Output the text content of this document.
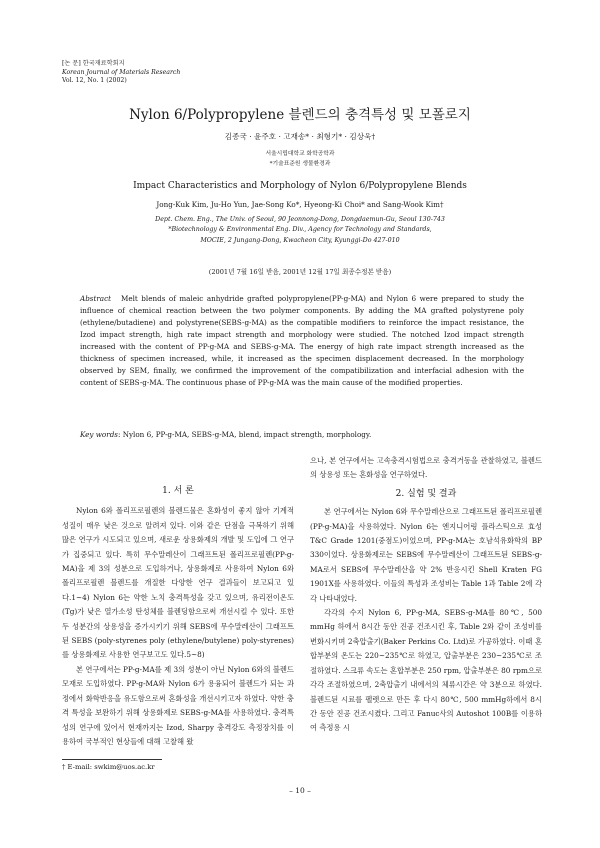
[논 문] 한국재료학회지
Korean Journal of Materials Research
Vol. 12, No. 1 (2002)
Nylon 6/Polypropylene 블렌드의 충격특성 및 모폴로지
김종국 · 윤주호 · 고재송* · 최형기* · 김상욱†
서울시립대학교 화학공학과
*기술표준원 생물환경과
Impact Characteristics and Morphology of Nylon 6/Polypropylene Blends
Jong-Kuk Kim, Ju-Ho Yun, Jae-Song Ko*, Hyeong-Ki Choi* and Sang-Wook Kim†
Dept. Chem. Eng., The Univ. of Seoul, 90 Jeonnong-Dong, Dongdaemun-Gu, Seoul 130-743
*Biotechnology & Environmental Eng. Div., Agency for Technology and Standards,
MOCIE, 2 Jungang-Dong, Kwacheon City, Kyunggi-Do 427-010
(2001년 7월 16일 받음, 2001년 12월 17일 최종수정본 받음)
Abstract Melt blends of maleic anhydride grafted polypropylene(PP-g-MA) and Nylon 6 were prepared to study the influence of chemical reaction between the two polymer components. By adding the MA grafted polystyrene poly (ethylene/butadiene) and polystyrene(SEBS-g-MA) as the compatible modifiers to reinforce the impact resistance, the Izod impact strength, high rate impact strength and morphology were studied. The notched Izod impact strength increased with the content of PP-g-MA and SEBS-g-MA. The energy of high rate impact strength increased as the thickness of specimen increased, while, it increased as the specimen displacement decreased. In the morphology observed by SEM, finally, we confirmed the improvement of the compatibilization and interfacial adhesion with the content of SEBS-g-MA. The continuous phase of PP-g-MA was the main cause of the modified properties.
Key words: Nylon 6, PP-g-MA, SEBS-g-MA, blend, impact strength, morphology.
1. 서 론

Nylon 6와 폴리프로필렌의 블렌드물은 혼화성이 좋지 않아 기계적 성질이 매우 낮은 것으로 알려져 있다. 이와 같은 단점을 극복하기 위해 많은 연구가 시도되고 있으며, 새로운 상용화제의 개발 및 도입에 그 연구가 집중되고 있다. 특히 무수말레산이 그래프트된 폴리프로필렌(PP-g-MA)을 제 3의 성분으로 도입하거나, 상용화제로 사용하여 Nylon 6와 폴리프로필렌 블렌드를 개질한 다양한 연구 결과들이 보고되고 있다.1~4) Nylon 6는 약한 노치 충격특성을 갖고 있으며, 유리전이온도(Tg)가 낮은 열가소성 탄성체를 블렌딩함으로써 개선시킬 수 있다. 또한 두 성분간의 상용성을 증가시키기 위해 SEBS에 무수말레산이 그래프트된 SEBS (poly-styrenes poly (ethylene/butylene) poly-styrenes)를 상용화제로 사용한 연구보고도 있다.5~8)

본 연구에서는 PP-g-MA를 제 3의 성분이 아닌 Nylon 6와의 블렌드 모재로 도입하였다. PP-g-MA와 Nylon 6가 용융되어 블렌드가 되는 과정에서 화학반응을 유도함으로써 혼화성을 개선시키고자 하였다. 약한 충격 특성을 보완하기 위해 상용화제로 SEBS-g-MA를 사용하였다. 충격특성의 연구에 있어서 현재까지는 Izod, Sharpy 충격강도 측정장치를 이용하여 국부적인 현상들에 대해 고찰해 왔

으나, 본 연구에서는 고속충격시험법으로 충격거동을 관찰하였고, 블렌드의 상용성 또는 혼화성을 연구하였다.

2. 실험 및 결과

본 연구에서는 Nylon 6와 무수말레산으로 그래프트된 폴리프로필렌(PP-g-MA)을 사용하였다. Nylon 6는 엔지니어링 플라스틱으로 효성 T&C Grade 1201(중점도)이었으며, PP-g-MA는 호남석유화학의 BP 330이었다. 상용화제로는 SEBS에 무수말레산이 그래프트된 SEBS-g-MA로서 SEBS에 무수말레산을 약 2% 반응시킨 Shell Kraten FG 1901X를 사용하였다. 이들의 특성과 조성비는 Table 1과 Table 2에 각각 나타내었다.

각각의 수지 Nylon 6, PP-g-MA, SEBS-g-MA를 80℃, 500 mmHg 하에서 8시간 동안 진공 건조시킨 후, Table 2와 같이 조성비를 변화시키며 2축압출기(Baker Perkins Co. Ltd)로 가공하였다. 이때 혼합부분의 온도는 220~235℃로 하였고, 압출부분은 230~235℃로 조절하였다. 스크류 속도는 혼합부분은 250 rpm, 압출부분은 80 rpm으로 각각 조절하였으며, 2축압출기 내에서의 체류시간은 약 3분으로 하였다. 블렌드된 시료를 펠렛으로 만든 후 다시 80℃, 500 mmHg하에서 8시간 동안 진공 건조시켰다. 그리고 Fanuc사의 Autoshot 100B를 이용하여 측정용 시

† E-mail: swkim@uos.ac.kr
– 10 –
